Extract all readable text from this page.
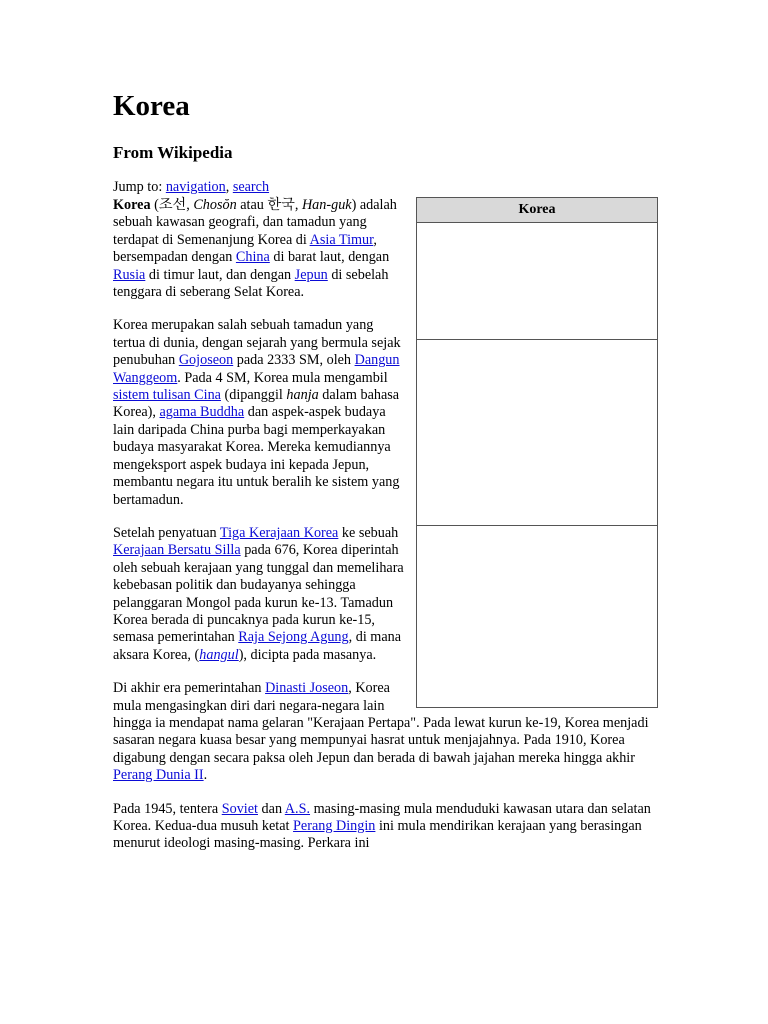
Korea
From Wikipedia
Jump to: navigation, search
Korea

Korea (조선, Chosŏn atau 한국, Han-guk) adalah sebuah kawasan geografi, dan tamadun yang terdapat di Semenanjung Korea di Asia Timur, bersempadan dengan China di barat laut, dengan Rusia di timur laut, dan dengan Jepun di sebelah tenggara di seberang Selat Korea.

Korea merupakan salah sebuah tamadun yang tertua di dunia, dengan sejarah yang bermula sejak penubuhan Gojoseon pada 2333 SM, oleh Dangun Wanggeom. Pada 4 SM, Korea mula mengambil sistem tulisan Cina (dipanggil hanja dalam bahasa Korea), agama Buddha dan aspek-aspek budaya lain daripada China purba bagi memperkayakan budaya masyarakat Korea. Mereka kemudiannya mengeksport aspek budaya ini kepada Jepun, membantu negara itu untuk beralih ke sistem yang bertamadun.

Setelah penyatuan Tiga Kerajaan Korea ke sebuah Kerajaan Bersatu Silla pada 676, Korea diperintah oleh sebuah kerajaan yang tunggal dan memelihara kebebasan politik dan budayanya sehingga pelanggaran Mongol pada kurun ke-13. Tamadun Korea berada di puncaknya pada kurun ke-15, semasa pemerintahan Raja Sejong Agung, di mana aksara Korea, (hangul), dicipta pada masanya.

Di akhir era pemerintahan Dinasti Joseon, Korea mula mengasingkan diri dari negara-negara lain hingga ia mendapat nama gelaran "Kerajaan Pertapa". Pada lewat kurun ke-19, Korea menjadi sasaran negara kuasa besar yang mempunyai hasrat untuk menjajahnya. Pada 1910, Korea digabung dengan secara paksa oleh Jepun dan berada di bawah jajahan mereka hingga akhir Perang Dunia II.

Pada 1945, tentera Soviet dan A.S. masing-masing mula menduduki kawasan utara dan selatan Korea. Kedua-dua musuh ketat Perang Dingin ini mula mendirikan kerajaan yang berasingan menurut ideologi masing-masing. Perkara ini
